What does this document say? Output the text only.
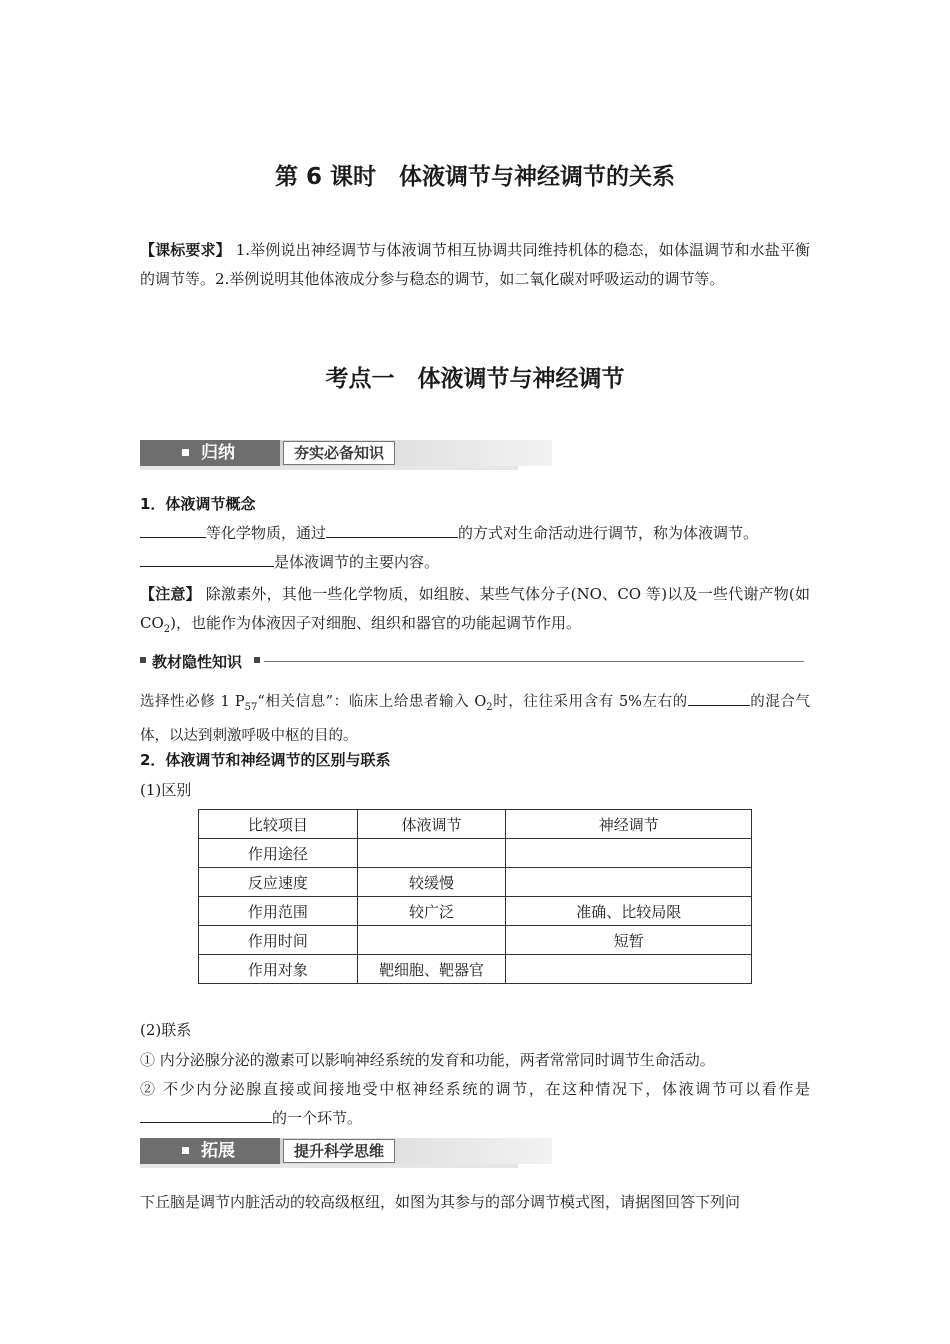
第 6 课时　体液调节与神经调节的关系
【课标要求】 1.举例说出神经调节与体液调节相互协调共同维持机体的稳态，如体温调节和水盐平衡的调节等。2.举例说明其他体液成分参与稳态的调节，如二氧化碳对呼吸运动的调节等。
考点一　体液调节与神经调节
归纳	夯实必备知识
1．体液调节概念
等化学物质，通过	的方式对生命活动进行调节，称为体液调节。
是体液调节的主要内容。
【注意】 除激素外，其他一些化学物质，如组胺、某些气体分子(NO、CO 等)以及一些代谢产物(如 $CO_2$)，也能作为体液因子对细胞、组织和器官的功能起调节作用。
教材隐性知识
选择性必修 1 $P_{57}“$相关信息”：临床上给患者输入 $O_2$时，往往采用含有 5%左右的	的混合气体，以达到刺激呼吸中枢的目的。
2．体液调节和神经调节的区别与联系
(1)区别
比较项目	体液调节	神经调节
作用途径		
反应速度	较缓慢	
作用范围	较广泛	准确、比较局限
作用时间		短暂
作用对象	靶细胞、靶器官	
(2)联系
① 内分泌腺分泌的激素可以影响神经系统的发育和功能，两者常常同时调节生命活动。
② 不少内分泌腺直接或间接地受中枢神经系统的调节，在这种情况下，体液调节可以看作是的一个环节。
拓展	提升科学思维
下丘脑是调节内脏活动的较高级枢纽，如图为其参与的部分调节模式图，请据图回答下列问
